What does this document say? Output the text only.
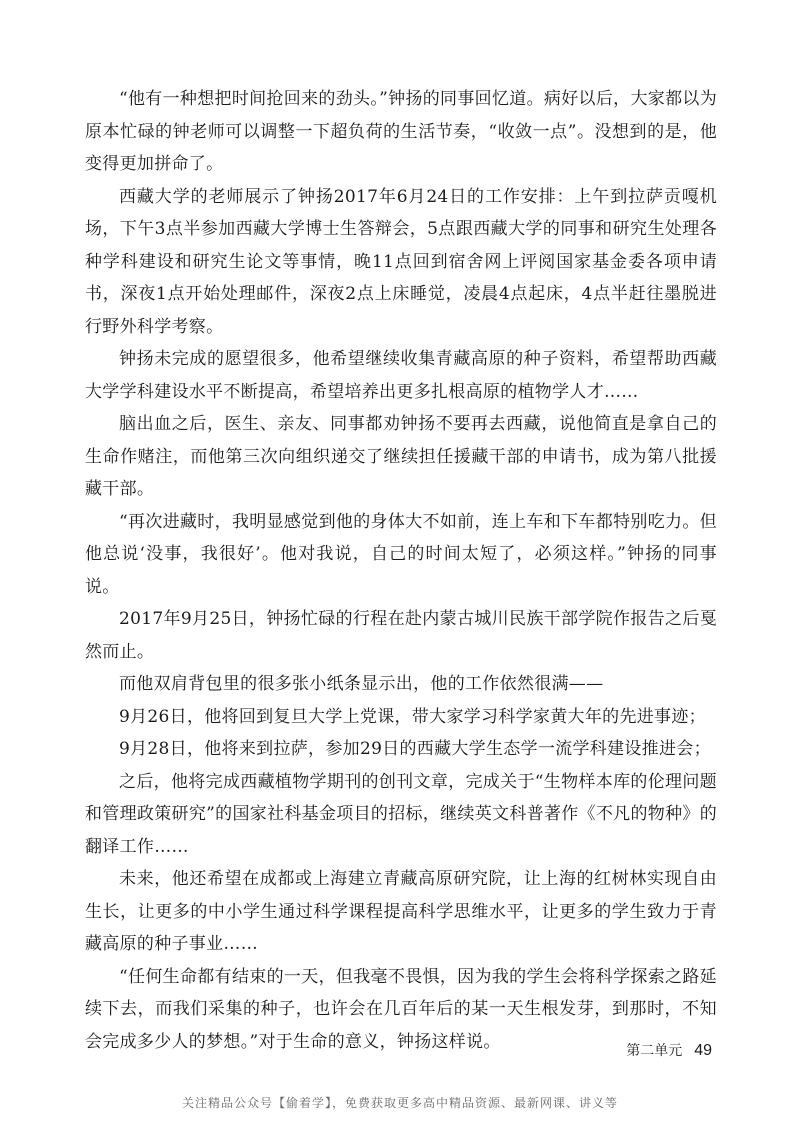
“他有一种想把时间抢回来的劲头。”钟扬的同事回忆道。病好以后，大家都以为原本忙碌的钟老师可以调整一下超负荷的生活节奏，“收敛一点”。没想到的是，他变得更加拼命了。

西藏大学的老师展示了钟扬2017年6月24日的工作安排：上午到拉萨贡嘎机场，下午3点半参加西藏大学博士生答辩会，5点跟西藏大学的同事和研究生处理各种学科建设和研究生论文等事情，晚11点回到宿舍网上评阅国家基金委各项申请书，深夜1点开始处理邮件，深夜2点上床睡觉，凌晨4点起床，4点半赶往墨脱进行野外科学考察。

钟扬未完成的愿望很多，他希望继续收集青藏高原的种子资料，希望帮助西藏大学学科建设水平不断提高，希望培养出更多扎根高原的植物学人才……

脑出血之后，医生、亲友、同事都劝钟扬不要再去西藏，说他简直是拿自己的生命作赌注，而他第三次向组织递交了继续担任援藏干部的申请书，成为第八批援藏干部。

“再次进藏时，我明显感觉到他的身体大不如前，连上车和下车都特别吃力。但他总说‘没事，我很好’。他对我说，自己的时间太短了，必须这样。”钟扬的同事说。

2017年9月25日，钟扬忙碌的行程在赴内蒙古城川民族干部学院作报告之后戛然而止。

而他双肩背包里的很多张小纸条显示出，他的工作依然很满——

9月26日，他将回到复旦大学上党课，带大家学习科学家黄大年的先进事迹；

9月28日，他将来到拉萨，参加29日的西藏大学生态学一流学科建设推进会；

之后，他将完成西藏植物学期刊的创刊文章，完成关于“生物样本库的伦理问题和管理政策研究”的国家社科基金项目的招标，继续英文科普著作《不凡的物种》的翻译工作……

未来，他还希望在成都或上海建立青藏高原研究院，让上海的红树林实现自由生长，让更多的中小学生通过科学课程提高科学思维水平，让更多的学生致力于青藏高原的种子事业……

“任何生命都有结束的一天，但我毫不畏惧，因为我的学生会将科学探索之路延续下去，而我们采集的种子，也许会在几百年后的某一天生根发芽，到那时，不知会完成多少人的梦想。”对于生命的意义，钟扬这样说。	第二单元 49
关注精品公众号【偷着学】，免费获取更多高中精品资源、最新网课、讲义等
